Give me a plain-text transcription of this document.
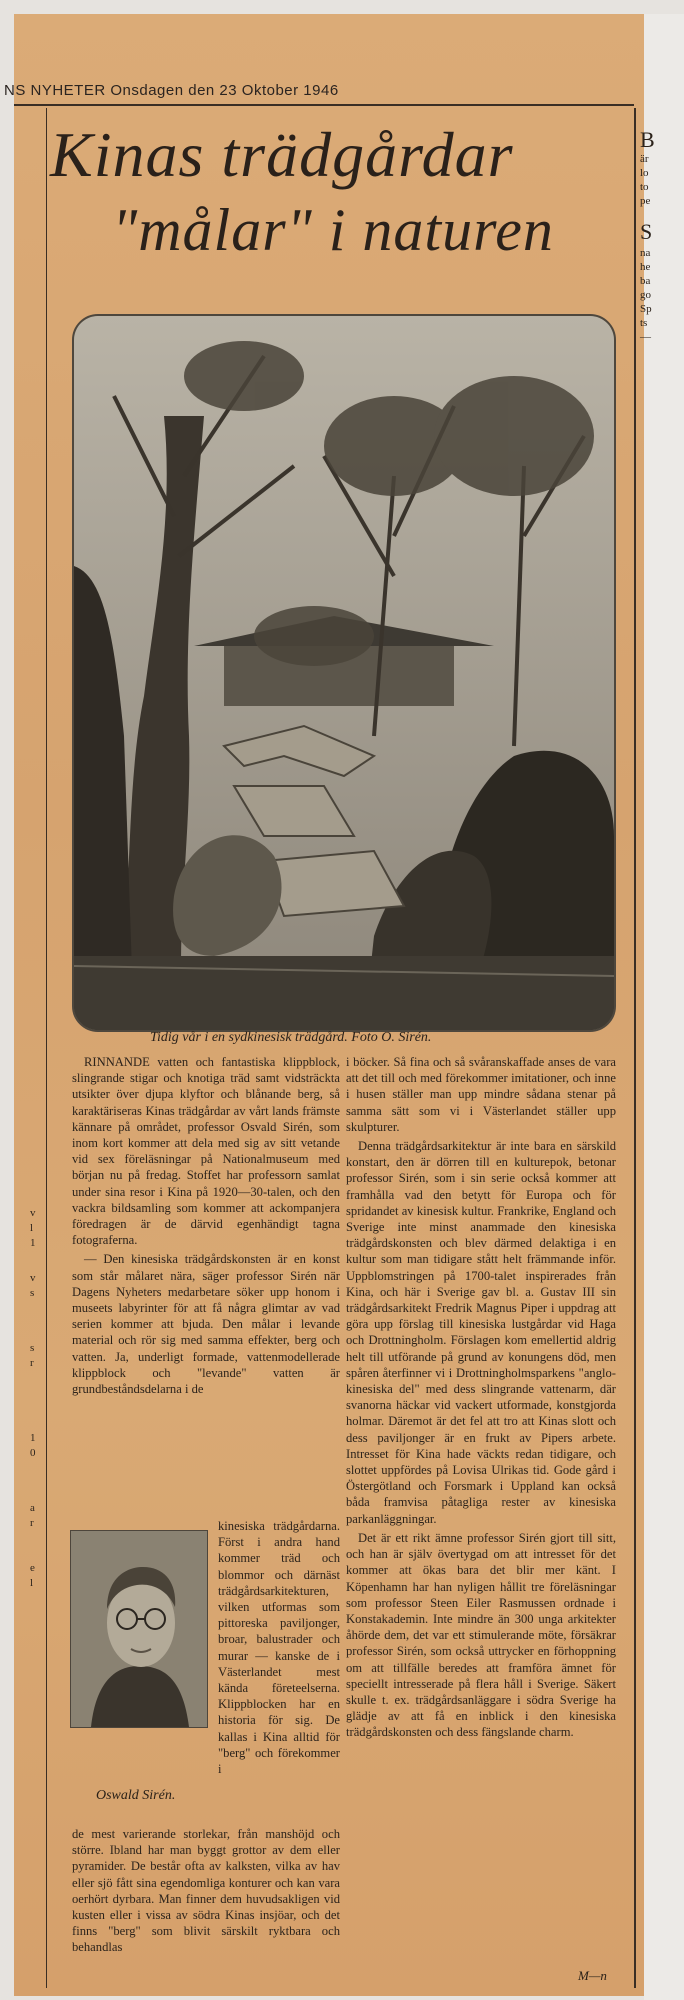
NS NYHETER Onsdagen den 23 Oktober 1946
B
är
lo
to
pe
S
na
he
ba
go
Sp
ts
—
v
l
1
v
s
s
r
1
0
a
r
e
l
Kinas trädgårdar
"målar" i naturen
Tidig vår i en sydkinesisk trädgård. Foto O. Sirén.

RINNANDE vatten och fantastiska klippblock, slingrande stigar och knotiga träd samt vidsträckta utsikter över djupa klyftor och blånande berg, så karaktäriseras Kinas trädgårdar av vårt lands främste kännare på området, professor Osvald Sirén, som inom kort kommer att dela med sig av sitt vetande vid sex föreläsningar på Nationalmuseum med början nu på fredag. Stoffet har professorn samlat under sina resor i Kina på 1920—30-talen, och den vackra bildsamling som kommer att ackompanjera föredragen är de därvid egenhändigt tagna fotograferna.

— Den kinesiska trädgårdskonsten är en konst som står målaret nära, säger professor Sirén när Dagens Nyheters medarbetare söker upp honom i museets labyrinter för att få några glimtar av vad serien kommer att bjuda. Den målar i levande material och rör sig med samma effekter, berg och vatten. Ja, underligt formade, vattenmodellerade klippblock och "levande" vatten är grundbeståndsdelarna i de

Oswald Sirén.
kinesiska trädgårdarna. Först i andra hand kommer träd och blommor och därnäst trädgårdsarkitekturen, vilken utformas som pittoreska paviljonger, broar, balustrader och murar — kanske de i Västerlandet mest kända företeelserna. Klippblocken har en historia för sig. De kallas i Kina alltid för "berg" och förekommer i
de mest varierande storlekar, från manshöjd och större. Ibland har man byggt grottor av dem eller pyramider. De består ofta av kalksten, vilka av hav eller sjö fått sina egendomliga konturer och kan vara oerhört dyrbara. Man finner dem huvudsakligen vid kusten eller i vissa av södra Kinas insjöar, och det finns "berg" som blivit särskilt ryktbara och behandlas

i böcker. Så fina och så svåranskaffade anses de vara att det till och med förekommer imitationer, och inne i husen ställer man upp mindre sådana stenar på samma sätt som vi i Västerlandet ställer upp skulpturer.

Denna trädgårdsarkitektur är inte bara en särskild konstart, den är dörren till en kulturepok, betonar professor Sirén, som i sin serie också kommer att framhålla vad den betytt för Europa och för spridandet av kinesisk kultur. Frankrike, England och Sverige inte minst anammade den kinesiska trädgårdskonsten och blev därmed delaktiga i en kultur som man tidigare stått helt främmande inför. Uppblomstringen på 1700-talet inspirerades från Kina, och här i Sverige gav bl. a. Gustav III sin trädgårdsarkitekt Fredrik Magnus Piper i uppdrag att göra upp förslag till kinesiska lustgårdar vid Haga och Drottningholm. Förslagen kom emellertid aldrig helt till utförande på grund av konungens död, men spåren återfinner vi i Drottningholmsparkens "anglo-kinesiska del" med dess slingrande vattenarm, där svanorna häckar vid vackert utformade, konstgjorda holmar. Däremot är det fel att tro att Kinas slott och dess paviljonger är en frukt av Pipers arbete. Intresset för Kina hade väckts redan tidigare, och slottet uppfördes på Lovisa Ulrikas tid. Gode gård i Östergötland och Forsmark i Uppland kan också båda framvisa påtagliga rester av kinesiska parkanläggningar.

Det är ett rikt ämne professor Sirén gjort till sitt, och han är själv övertygad om att intresset för det kommer att ökas bara det blir mer känt. I Köpenhamn har han nyligen hållit tre föreläsningar som professor Steen Eiler Rasmussen ordnade i Konstakademin. Inte mindre än 300 unga arkitekter åhörde dem, det var ett stimulerande möte, försäkrar professor Sirén, som också uttrycker en förhoppning om att tillfälle beredes att framföra ämnet för speciellt intresserade på flera håll i Sverige. Säkert skulle t. ex. trädgårdsanläggare i södra Sverige ha glädje av att få en inblick i den kinesiska trädgårdskonsten och dess fängslande charm.

M—n
